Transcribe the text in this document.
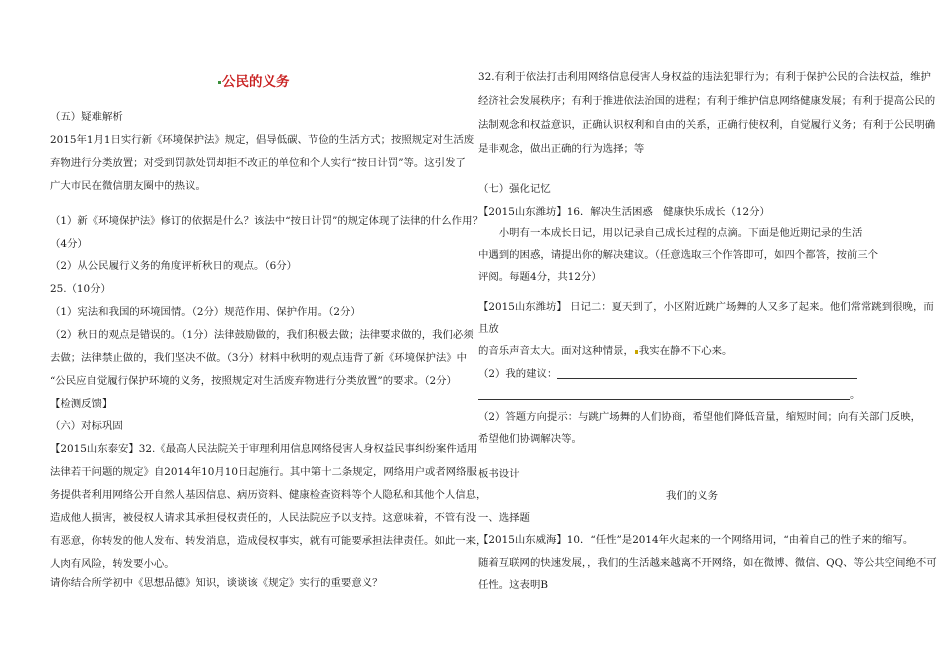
公民的义务
（五）疑难解析
2015年1月1日实行新《环境保护法》规定，倡导低碳、节俭的生活方式；按照规定对生活废
弃物进行分类放置；对受到罚款处罚却拒不改正的单位和个人实行“按日计罚”等。这引发了
广大市民在微信朋友圈中的热议。
（1）新《环境保护法》修订的依据是什么？该法中“按日计罚”的规定体现了法律的什么作用？
（4分）
（2）从公民履行义务的角度评析秋日的观点。（6分）
25.（10分）
（1）宪法和我国的环境国情。（2分）规范作用、保护作用。（2分）
（2）秋日的观点是错误的。（1分）法律鼓励做的，我们积极去做；法律要求做的，我们必须
去做；法律禁止做的，我们坚决不做。（3分）材料中秋明的观点违背了新《环境保护法》中
“公民应自觉履行保护环境的义务，按照规定对生活废弃物进行分类放置”的要求。（2分）
【检测反馈】
（六）对标巩固
【2015山东泰安】32.《最高人民法院关于审理利用信息网络侵害人身权益民事纠纷案件适用
法律若干问题的规定》自2014年10月10日起施行。其中第十二条规定，网络用户或者网络服
务提供者利用网络公开自然人基因信息、病历资料、健康检查资料等个人隐私和其他个人信息，
造成他人损害，被侵权人请求其承担侵权责任的，人民法院应予以支持。这意味着，不管有没
有恶意，你转发的他人发布、转发消息，造成侵权事实，就有可能要承担法律责任。如此一来，
人肉有风险，转发要小心。
请你结合所学初中《思想品德》知识，谈谈该《规定》实行的重要意义？
32.有利于依法打击利用网络信息侵害人身权益的违法犯罪行为；有利于保护公民的合法权益，维护
经济社会发展秩序；有利于推进依法治国的进程；有利于维护信息网络健康发展；有利于提高公民的
法制观念和权益意识，正确认识权利和自由的关系，正确行使权利，自觉履行义务；有利于公民明确
是非观念，做出正确的行为选择；等
（七）强化记忆
【2015山东潍坊】16．解决生活困惑　健康快乐成长（12分）
　　小明有一本成长日记，用以记录自己成长过程的点滴。下面是他近期记录的生活
中遇到的困惑，请提出你的解决建议。（任意选取三个作答即可，如四个都答，按前三个
评阅。每题4分，共12分）
【2015山东潍坊】 日记二：夏天到了，小区附近跳广场舞的人又多了起来。他们常常跳到很晚，而
且放
的音乐声音太大。面对这种情景， 我实在静不下心来。
（2）我的建议：
。
（2）答题方向提示：与跳广场舞的人们协商，希望他们降低音量，缩短时间；向有关部门反映，
希望他们协调解决等。
板书设计
我们的义务
一、选择题
【2015山东威海】10．“任性”是2014年火起来的一个网络用词，“由着自己的性子来的缩写。
随着互联网的快速发展，，我们的生活越来越离不开网络，如在微博、微信、QQ、等公共空间绝不可
任性。这表明B
